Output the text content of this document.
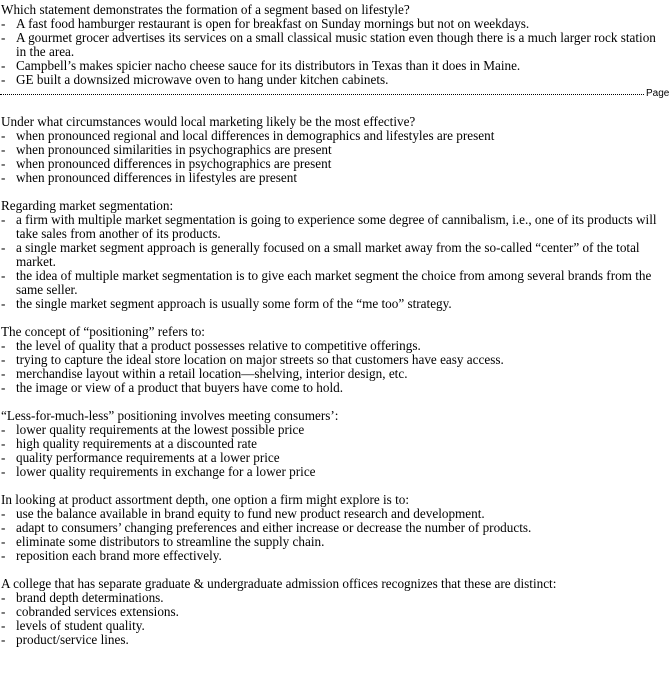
Page

Which statement demonstrates the formation of a segment based on lifestyle?

- A fast food hamburger restaurant is open for breakfast on Sunday mornings but not on weekdays.
- A gourmet grocer advertises its services on a small classical music station even though there is a much larger rock station in the area.
- Campbell’s makes spicier nacho cheese sauce for its distributors in Texas than it does in Maine.
- GE built a downsized microwave oven to hang under kitchen cabinets.

Under what circumstances would local marketing likely be the most effective?

- when pronounced regional and local differences in demographics and lifestyles are present
- when pronounced similarities in psychographics are present
- when pronounced differences in psychographics are present
- when pronounced differences in lifestyles are present

Regarding market segmentation:

- a firm with multiple market segmentation is going to experience some degree of cannibalism, i.e., one of its products will take sales from another of its products.
- a single market segment approach is generally focused on a small market away from the so-called “center” of the total market.
- the idea of multiple market segmentation is to give each market segment the choice from among several brands from the same seller.
- the single market segment approach is usually some form of the “me too” strategy.

The concept of “positioning” refers to:

- the level of quality that a product possesses relative to competitive offerings.
- trying to capture the ideal store location on major streets so that customers have easy access.
- merchandise layout within a retail location—shelving, interior design, etc.
- the image or view of a product that buyers have come to hold.

“Less-for-much-less” positioning involves meeting consumers’:

- lower quality requirements at the lowest possible price
- high quality requirements at a discounted rate
- quality performance requirements at a lower price
- lower quality requirements in exchange for a lower price

In looking at product assortment depth, one option a firm might explore is to:

- use the balance available in brand equity to fund new product research and development.
- adapt to consumers’ changing preferences and either increase or decrease the number of products.
- eliminate some distributors to streamline the supply chain.
- reposition each brand more effectively.

A college that has separate graduate & undergraduate admission offices recognizes that these are distinct:

- brand depth determinations.
- cobranded services extensions.
- levels of student quality.
- product/service lines.
